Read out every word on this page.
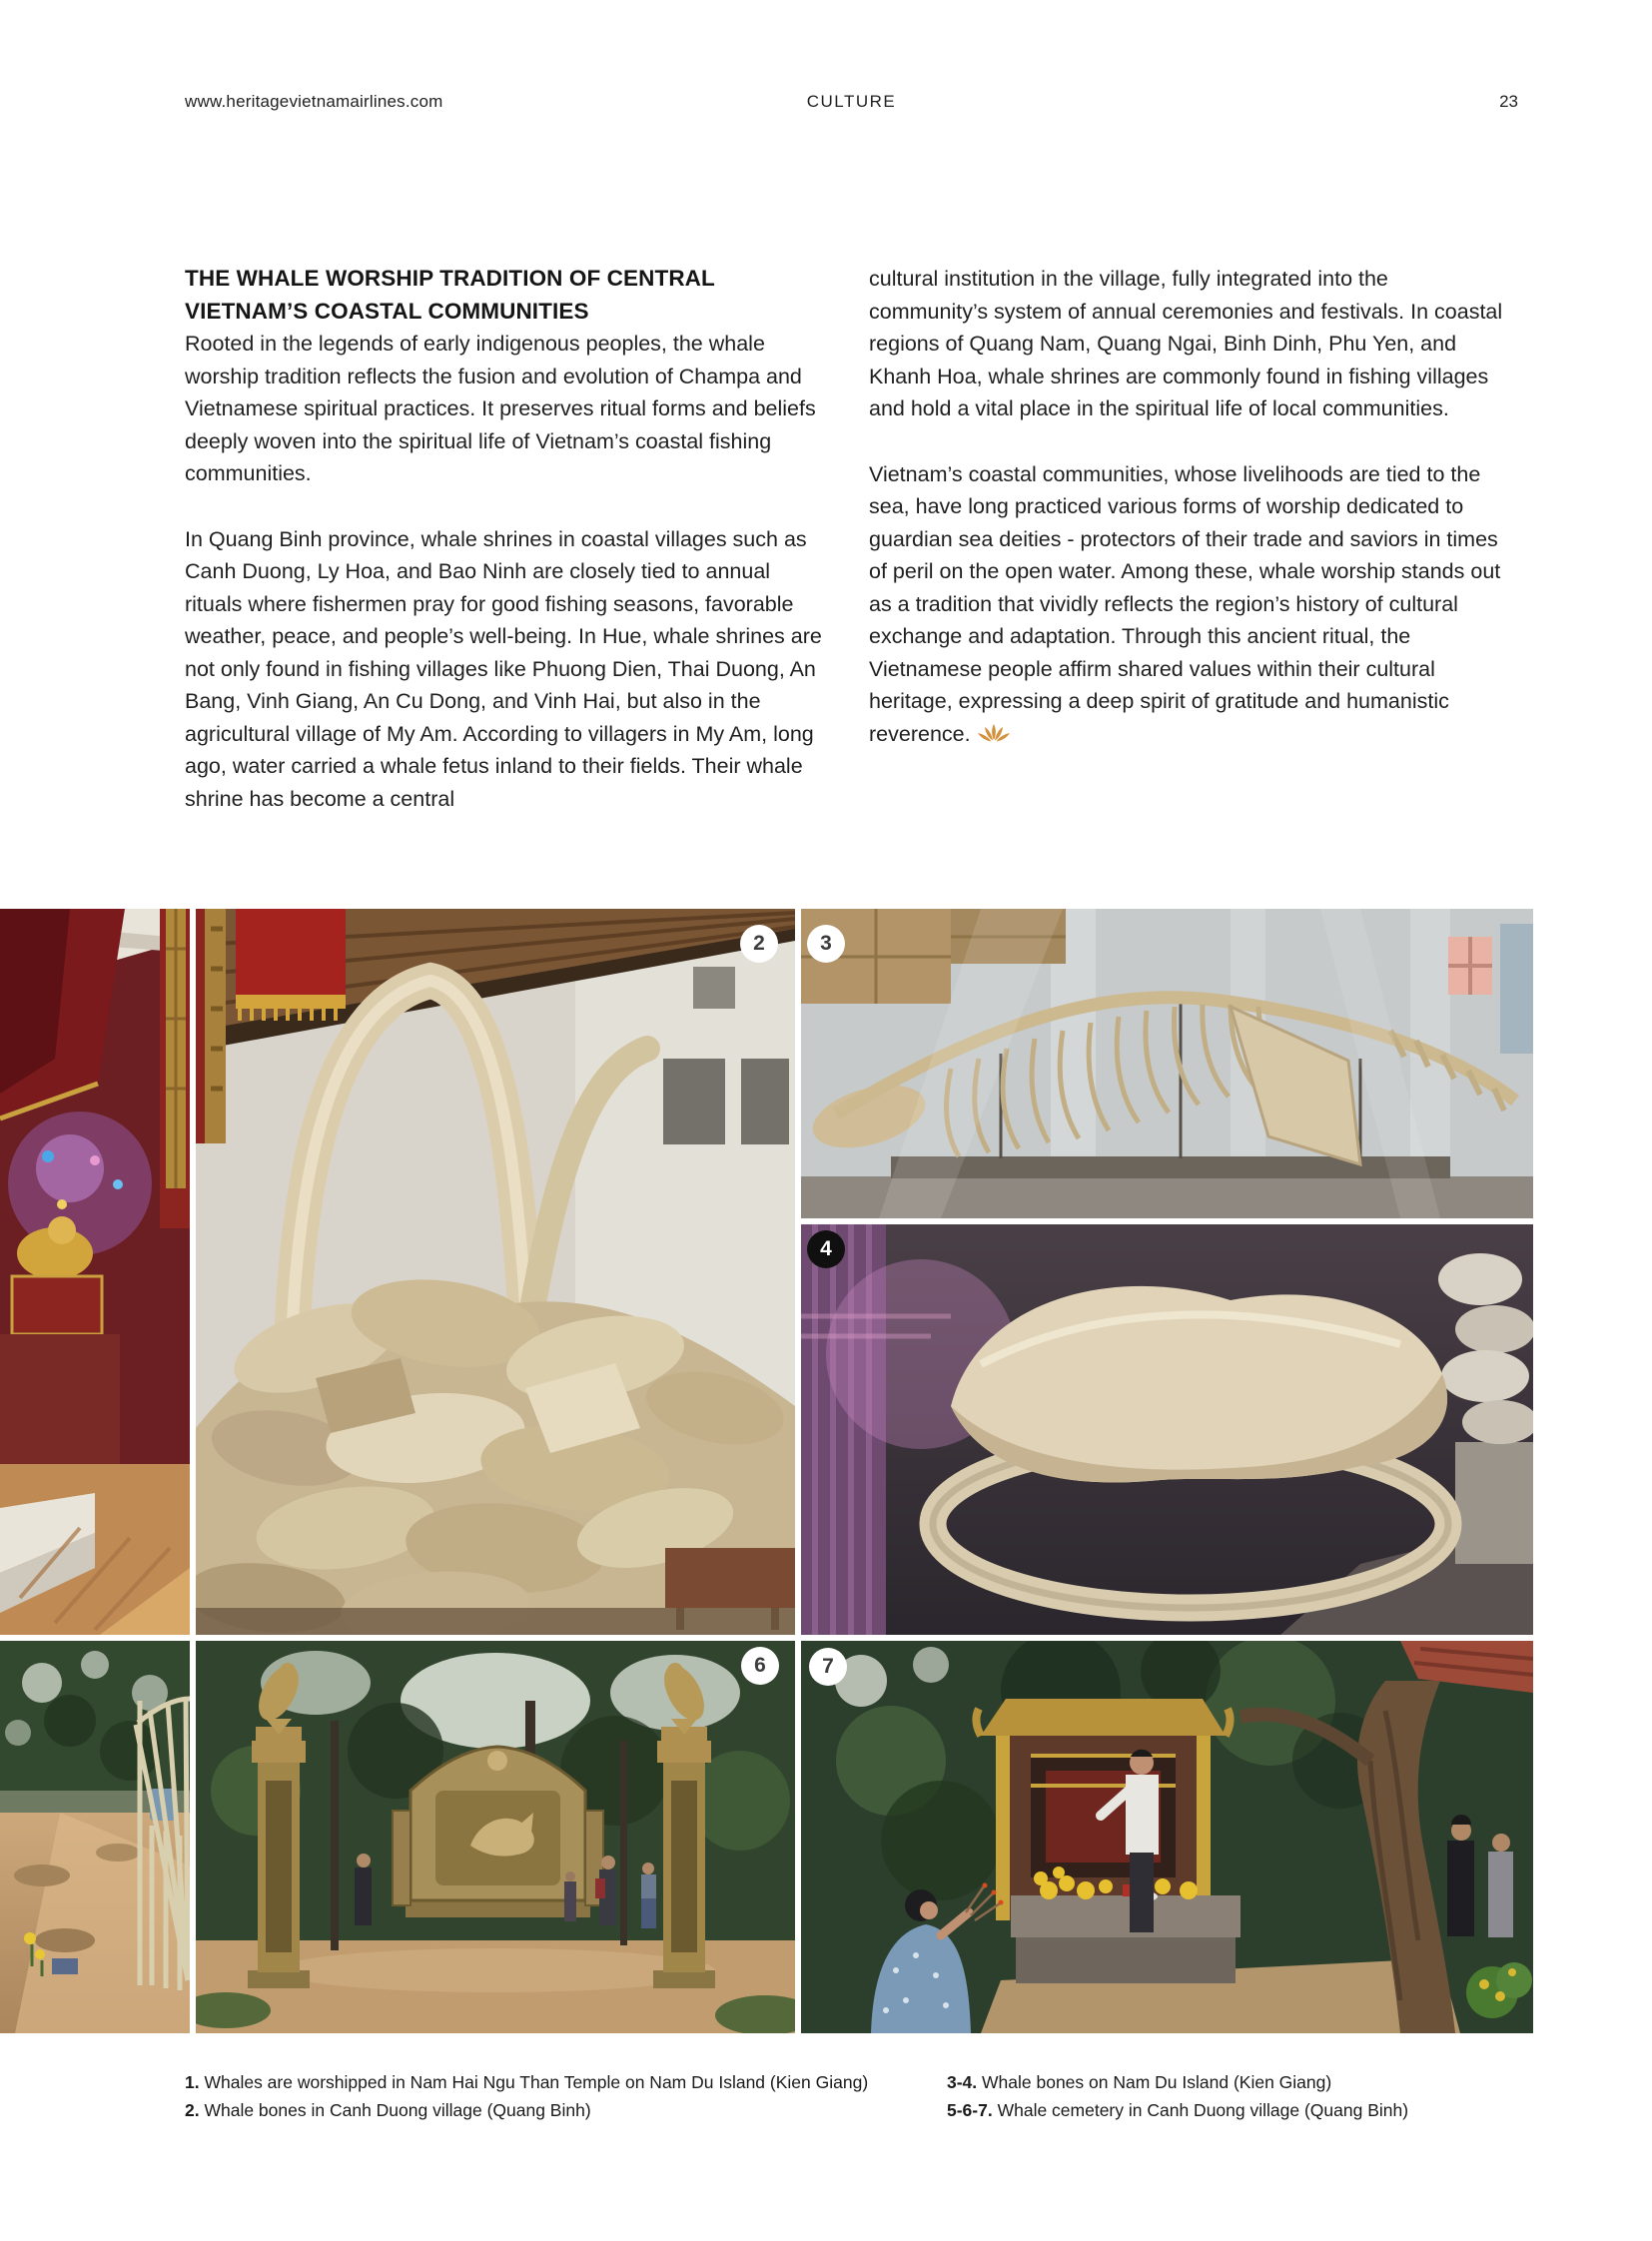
www.heritagevietnamairlines.com	CULTURE	23
THE WHALE WORSHIP TRADITION OF CENTRAL VIETNAM’S COASTAL COMMUNITIES

Rooted in the legends of early indigenous peoples, the whale worship tradition reflects the fusion and evolution of Champa and Vietnamese spiritual practices. It preserves ritual forms and beliefs deeply woven into the spiritual life of Vietnam’s coastal fishing communities.

In Quang Binh province, whale shrines in coastal villages such as Canh Duong, Ly Hoa, and Bao Ninh are closely tied to annual rituals where fishermen pray for good fishing seasons, favorable weather, peace, and people’s well-being. In Hue, whale shrines are not only found in fishing villages like Phuong Dien, Thai Duong, An Bang, Vinh Giang, An Cu Dong, and Vinh Hai, but also in the agricultural village of My Am. According to villagers in My Am, long ago, water carried a whale fetus inland to their fields. Their whale shrine has become a central

cultural institution in the village, fully integrated into the community’s system of annual ceremonies and festivals. In coastal regions of Quang Nam, Quang Ngai, Binh Dinh, Phu Yen, and Khanh Hoa, whale shrines are commonly found in fishing villages and hold a vital place in the spiritual life of local communities.

Vietnam’s coastal communities, whose livelihoods are tied to the sea, have long practiced various forms of worship dedicated to guardian sea deities - protectors of their trade and saviors in times of peril on the open water. Among these, whale worship stands out as a tradition that vividly reflects the region’s history of cultural exchange and adaptation. Through this ancient ritual, the Vietnamese people affirm shared values within their cultural heritage, expressing a deep spirit of gratitude and humanistic reverence.

2	3
4
6	7
1. Whales are worshipped in Nam Hai Ngu Than Temple on Nam Du Island (Kien Giang)
2. Whale bones in Canh Duong village (Quang Binh)
3-4. Whale bones on Nam Du Island (Kien Giang)
5-6-7. Whale cemetery in Canh Duong village (Quang Binh)
